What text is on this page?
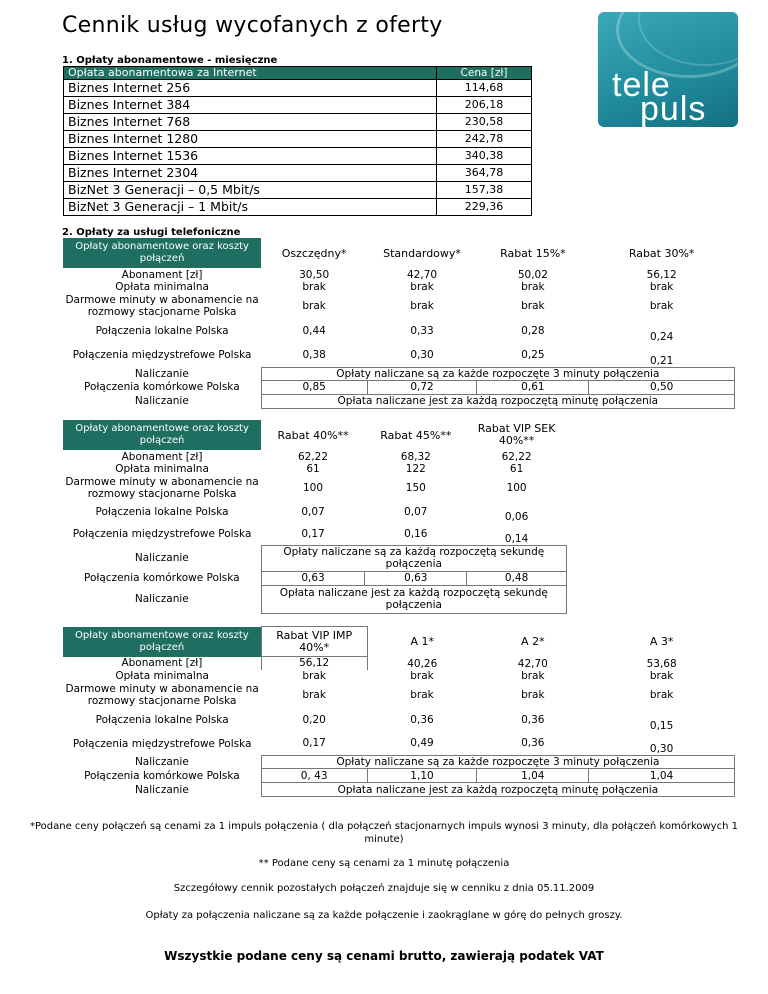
Cennik usług wycofanych z oferty
tele
puls
1. Opłaty abonamentowe - miesięczne
Opłata abonamentowa za Internet	Cena [zł]
Biznes Internet 256	114,68
Biznes Internet 384	206,18
Biznes Internet 768	230,58
Biznes Internet 1280	242,78
Biznes Internet 1536	340,38
Biznes Internet 2304	364,78
BizNet 3 Generacji – 0,5 Mbit/s	157,38
BizNet 3 Generacji – 1 Mbit/s	229,36
2. Opłaty za usługi telefoniczne
Opłaty abonamentowe oraz koszty połączeń	Oszczędny*	Standardowy*	Rabat 15%*	Rabat 30%*
Abonament [zł]	30,50	42,70	50,02	56,12
Opłata minimalna	brak	brak	brak	brak
Darmowe minuty w abonamencie na rozmowy stacjonarne Polska	brak	brak	brak	brak
Połączenia lokalne Polska	0,44	0,33	0,28	0,24
Połączenia międzystrefowe Polska	0,38	0,30	0,25	0,21
Naliczanie	Opłaty naliczane są za każde rozpoczęte 3 minuty połączenia			
Połączenia komórkowe Polska	0,85	0,72	0,61	0,50
Naliczanie	Opłata naliczane jest za każdą rozpoczętą minutę połączenia			
Opłaty abonamentowe oraz koszty połączeń	Rabat 40%**	Rabat 45%**	Rabat VIP SEK 40%**
Abonament [zł]	62,22	68,32	62,22
Opłata minimalna	61	122	61
Darmowe minuty w abonamencie na rozmowy stacjonarne Polska	100	150	100
Połączenia lokalne Polska	0,07	0,07	0,06
Połączenia międzystrefowe Polska	0,17	0,16	0,14
Naliczanie	Opłaty naliczane są za każdą rozpoczętą sekundę połączenia		
Połączenia komórkowe Polska	0,63	0,63	0,48
Naliczanie	Opłata naliczane jest za każdą rozpoczętą sekundę połączenia		
Opłaty abonamentowe oraz koszty połączeń	Rabat VIP IMP 40%*	A 1*	A 2*	A 3*
Abonament [zł]	56,12	40,26	42,70	53,68
Opłata minimalna	brak	brak	brak	brak
Darmowe minuty w abonamencie na rozmowy stacjonarne Polska	brak	brak	brak	brak
Połączenia lokalne Polska	0,20	0,36	0,36	0,15
Połączenia międzystrefowe Polska	0,17	0,49	0,36	0,30
Naliczanie	Opłaty naliczane są za każde rozpoczęte 3 minuty połączenia			
Połączenia komórkowe Polska	0, 43	1,10	1,04	1,04
Naliczanie	Opłata naliczane jest za każdą rozpoczętą minutę połączenia			
*Podane ceny połączeń są cenami za 1 impuls połączenia ( dla połączeń stacjonarnych impuls wynosi 3 minuty, dla połączeń komórkowych 1 minute)
** Podane ceny są cenami za 1 minutę połączenia
Szczegółowy cennik pozostałych połączeń znajduje się w cenniku z dnia 05.11.2009
Opłaty za połączenia naliczane są za każde połączenie i zaokrąglane w górę do pełnych groszy.
Wszystkie podane ceny są cenami brutto, zawierają podatek VAT
